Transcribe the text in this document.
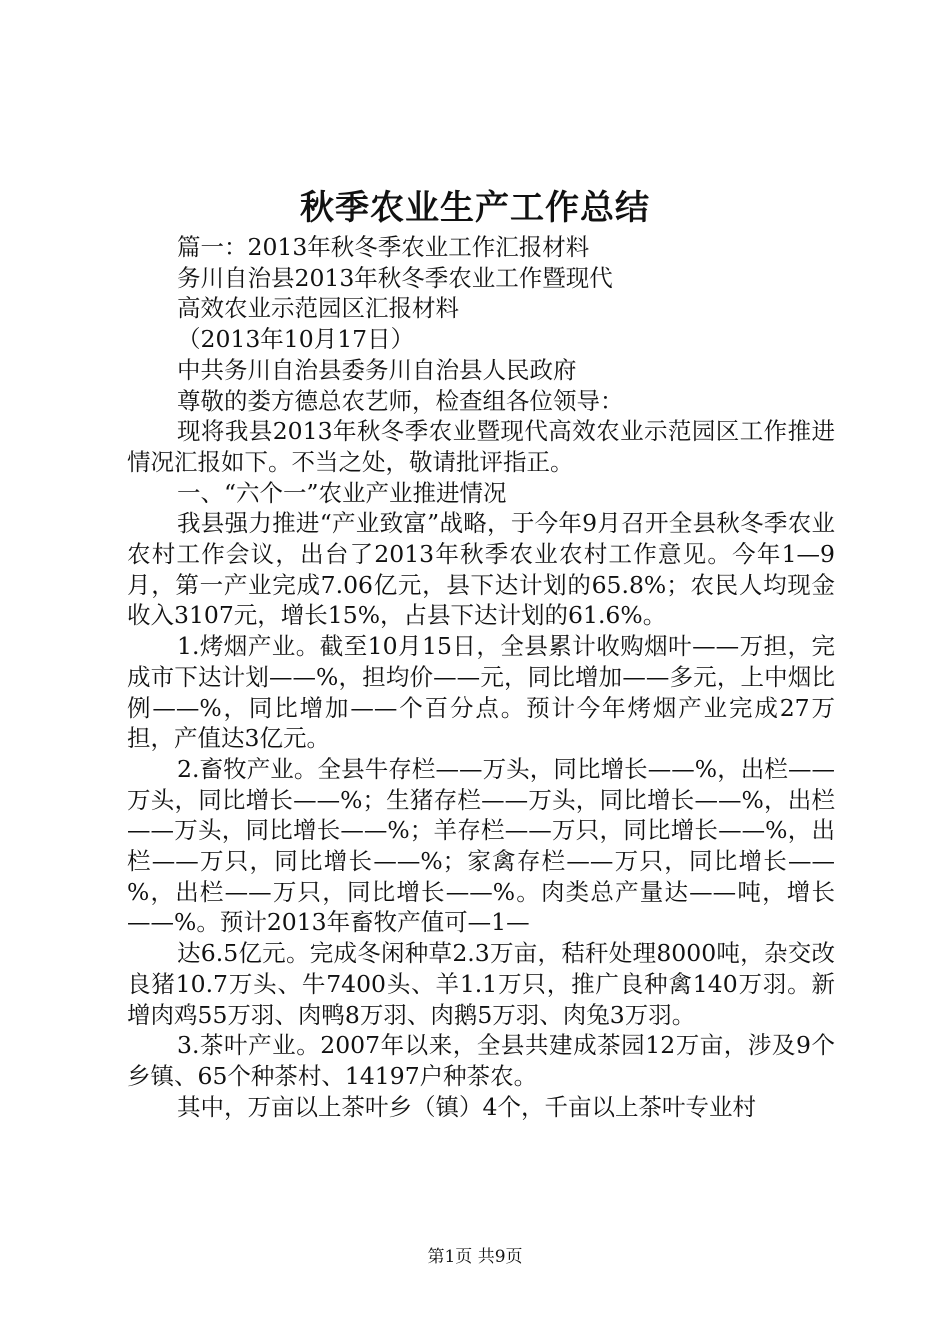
秋季农业生产工作总结

篇一：2013年秋冬季农业工作汇报材料

务川自治县2013年秋冬季农业工作暨现代

高效农业示范园区汇报材料

（2013年10月17日）

中共务川自治县委务川自治县人民政府

尊敬的娄方德总农艺师，检查组各位领导：

现将我县2013年秋冬季农业暨现代高效农业示范园区工作推进情况汇报如下。不当之处，敬请批评指正。

一、“六个一”农业产业推进情况

我县强力推进“产业致富”战略，于今年9月召开全县秋冬季农业农村工作会议，出台了2013年秋季农业农村工作意见。今年1—9月，第一产业完成7.06亿元，县下达计划的65.8%；农民人均现金收入3107元，增长15%，占县下达计划的61.6%。

1.烤烟产业。截至10月15日，全县累计收购烟叶——万担，完成市下达计划——%，担均价——元，同比增加——多元，上中烟比例——%，同比增加——个百分点。预计今年烤烟产业完成27万担，产值达3亿元。

2.畜牧产业。全县牛存栏——万头，同比增长——%，出栏——万头，同比增长——%；生猪存栏——万头，同比增长——%，出栏——万头，同比增长——%；羊存栏——万只，同比增长——%，出栏——万只，同比增长——%；家禽存栏——万只，同比增长——%，出栏——万只，同比增长——%。肉类总产量达——吨，增长——%。预计2013年畜牧产值可—1—

达6.5亿元。完成冬闲种草2.3万亩，秸秆处理8000吨，杂交改良猪10.7万头、牛7400头、羊1.1万只，推广良种禽140万羽。新增肉鸡55万羽、肉鸭8万羽、肉鹅5万羽、肉兔3万羽。

3.茶叶产业。2007年以来，全县共建成茶园12万亩，涉及9个乡镇、65个种茶村、14197户种茶农。

其中，万亩以上茶叶乡（镇）4个，千亩以上茶叶专业村

第1页 共9页
